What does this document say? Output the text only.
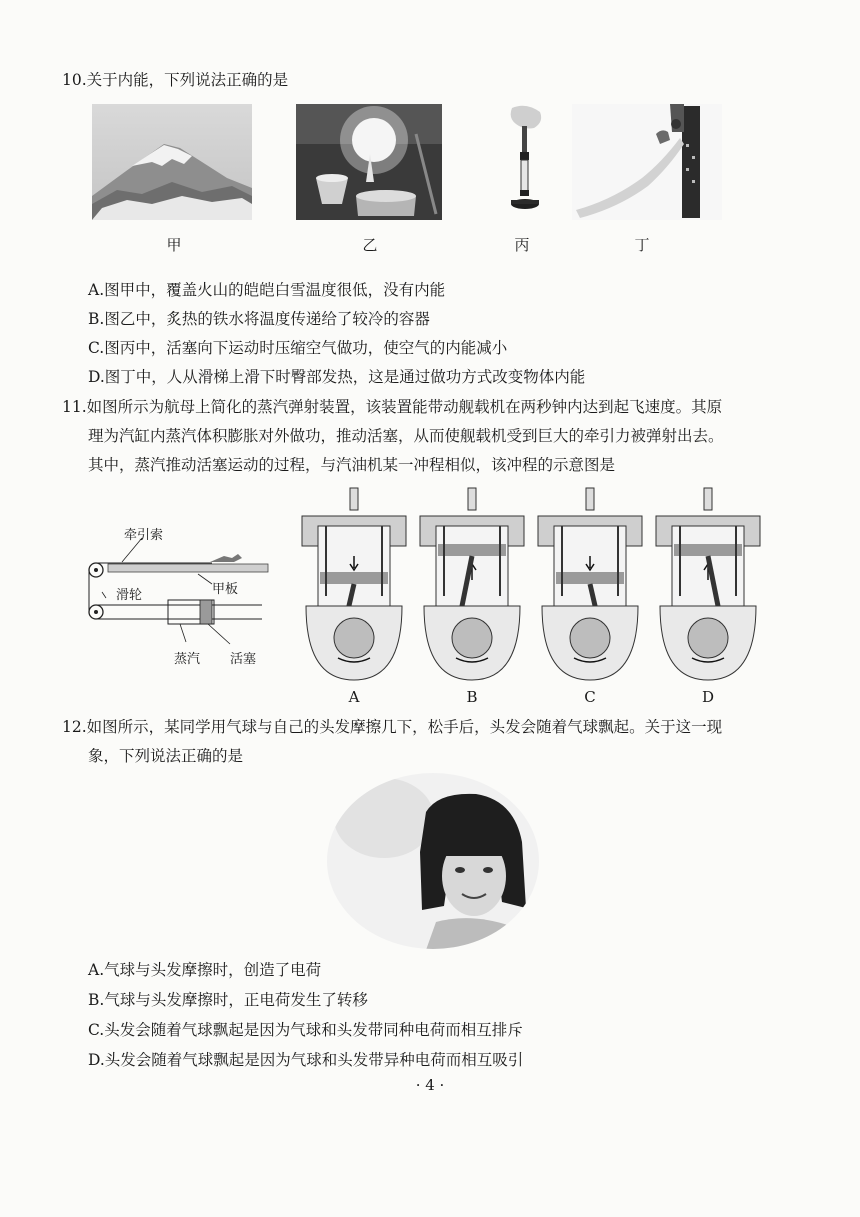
10.关于内能，下列说法正确的是
甲	乙	丙	丁
A.图甲中，覆盖火山的皑皑白雪温度很低，没有内能
B.图乙中，炙热的铁水将温度传递给了较冷的容器
C.图丙中，活塞向下运动时压缩空气做功，使空气的内能减小
D.图丁中，人从滑梯上滑下时臀部发热，这是通过做功方式改变物体内能
11.如图所示为航母上简化的蒸汽弹射装置，该装置能带动舰载机在两秒钟内达到起飞速度。其原
理为汽缸内蒸汽体积膨胀对外做功，推动活塞，从而使舰载机受到巨大的牵引力被弹射出去。
其中，蒸汽推动活塞运动的过程，与汽油机某一冲程相似，该冲程的示意图是
牵引索
滑轮	甲板
蒸汽 活塞
A	B	C	D
12.如图所示，某同学用气球与自己的头发摩擦几下，松手后，头发会随着气球飘起。关于这一现
象，下列说法正确的是
A.气球与头发摩擦时，创造了电荷
B.气球与头发摩擦时，正电荷发生了转移
C.头发会随着气球飘起是因为气球和头发带同种电荷而相互排斥
D.头发会随着气球飘起是因为气球和头发带异种电荷而相互吸引
· 4 ·
